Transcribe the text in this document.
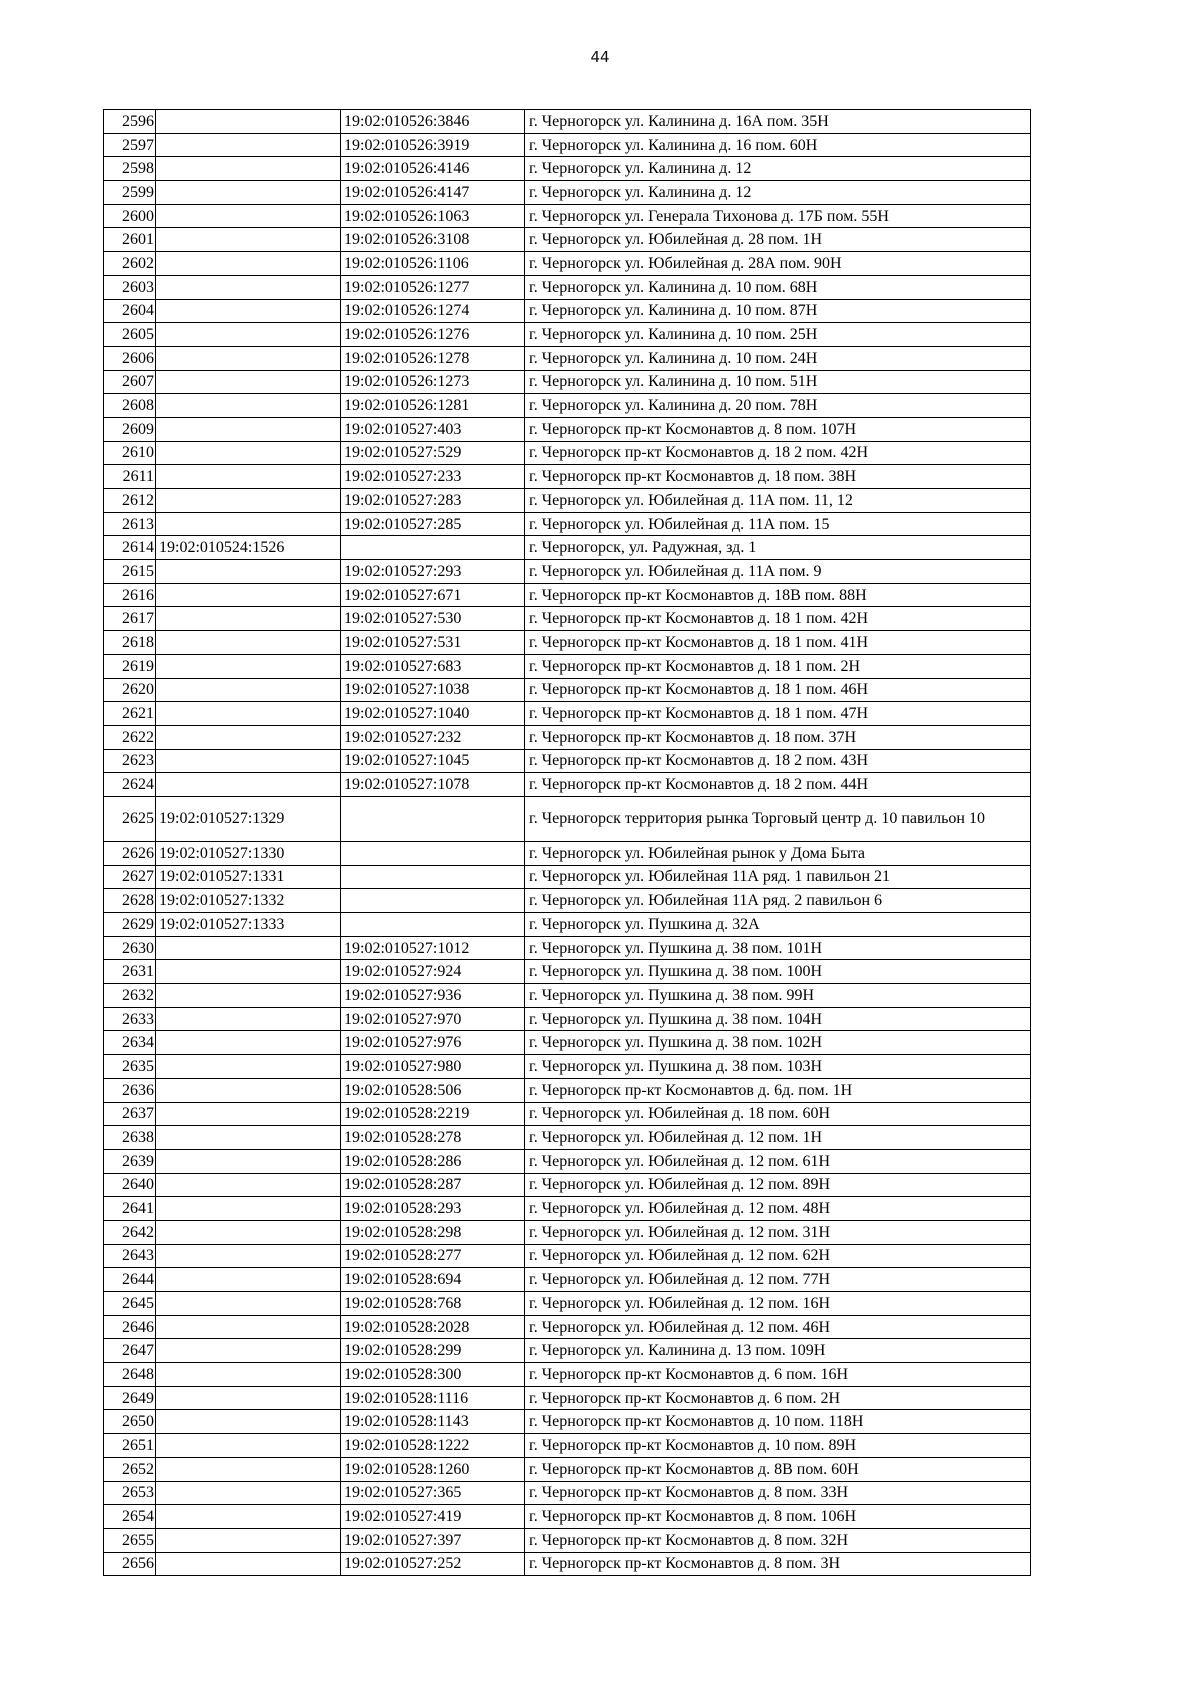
44
2596		19:02:010526:3846	г. Черногорск ул. Калинина д. 16А пом. 35Н
2597		19:02:010526:3919	г. Черногорск ул. Калинина д. 16 пом. 60Н
2598		19:02:010526:4146	г. Черногорск ул. Калинина д. 12
2599		19:02:010526:4147	г. Черногорск ул. Калинина д. 12
2600		19:02:010526:1063	г. Черногорск ул. Генерала Тихонова д. 17Б пом. 55Н
2601		19:02:010526:3108	г. Черногорск ул. Юбилейная д. 28 пом. 1Н
2602		19:02:010526:1106	г. Черногорск ул. Юбилейная д. 28А пом. 90Н
2603		19:02:010526:1277	г. Черногорск ул. Калинина д. 10 пом. 68Н
2604		19:02:010526:1274	г. Черногорск ул. Калинина д. 10 пом. 87Н
2605		19:02:010526:1276	г. Черногорск ул. Калинина д. 10 пом. 25Н
2606		19:02:010526:1278	г. Черногорск ул. Калинина д. 10 пом. 24Н
2607		19:02:010526:1273	г. Черногорск ул. Калинина д. 10 пом. 51Н
2608		19:02:010526:1281	г. Черногорск ул. Калинина д. 20 пом. 78Н
2609		19:02:010527:403	г. Черногорск пр-кт Космонавтов д. 8 пом. 107Н
2610		19:02:010527:529	г. Черногорск пр-кт Космонавтов д. 18 2 пом. 42Н
2611		19:02:010527:233	г. Черногорск пр-кт Космонавтов д. 18 пом. 38Н
2612		19:02:010527:283	г. Черногорск ул. Юбилейная д. 11А пом. 11, 12
2613		19:02:010527:285	г. Черногорск ул. Юбилейная д. 11А пом. 15
2614	19:02:010524:1526		г. Черногорск, ул. Радужная, зд. 1
2615		19:02:010527:293	г. Черногорск ул. Юбилейная д. 11А пом. 9
2616		19:02:010527:671	г. Черногорск пр-кт Космонавтов д. 18В пом. 88Н
2617		19:02:010527:530	г. Черногорск пр-кт Космонавтов д. 18 1 пом. 42Н
2618		19:02:010527:531	г. Черногорск пр-кт Космонавтов д. 18 1 пом. 41Н
2619		19:02:010527:683	г. Черногорск пр-кт Космонавтов д. 18 1 пом. 2Н
2620		19:02:010527:1038	г. Черногорск пр-кт Космонавтов д. 18 1 пом. 46Н
2621		19:02:010527:1040	г. Черногорск пр-кт Космонавтов д. 18 1 пом. 47Н
2622		19:02:010527:232	г. Черногорск пр-кт Космонавтов д. 18 пом. 37Н
2623		19:02:010527:1045	г. Черногорск пр-кт Космонавтов д. 18 2 пом. 43Н
2624		19:02:010527:1078	г. Черногорск пр-кт Космонавтов д. 18 2 пом. 44Н
2625	19:02:010527:1329		г. Черногорск территория рынка Торговый центр д. 10 павильон 10
2626	19:02:010527:1330		г. Черногорск ул. Юбилейная рынок у Дома Быта
2627	19:02:010527:1331		г. Черногорск ул. Юбилейная 11А ряд. 1 павильон 21
2628	19:02:010527:1332		г. Черногорск ул. Юбилейная 11А ряд. 2 павильон 6
2629	19:02:010527:1333		г. Черногорск ул. Пушкина д. 32А
2630		19:02:010527:1012	г. Черногорск ул. Пушкина д. 38 пом. 101Н
2631		19:02:010527:924	г. Черногорск ул. Пушкина д. 38 пом. 100Н
2632		19:02:010527:936	г. Черногорск ул. Пушкина д. 38 пом. 99Н
2633		19:02:010527:970	г. Черногорск ул. Пушкина д. 38 пом. 104Н
2634		19:02:010527:976	г. Черногорск ул. Пушкина д. 38 пом. 102Н
2635		19:02:010527:980	г. Черногорск ул. Пушкина д. 38 пом. 103Н
2636		19:02:010528:506	г. Черногорск пр-кт Космонавтов д. 6д. пом. 1Н
2637		19:02:010528:2219	г. Черногорск ул. Юбилейная д. 18 пом. 60Н
2638		19:02:010528:278	г. Черногорск ул. Юбилейная д. 12 пом. 1Н
2639		19:02:010528:286	г. Черногорск ул. Юбилейная д. 12 пом. 61Н
2640		19:02:010528:287	г. Черногорск ул. Юбилейная д. 12 пом. 89Н
2641		19:02:010528:293	г. Черногорск ул. Юбилейная д. 12 пом. 48Н
2642		19:02:010528:298	г. Черногорск ул. Юбилейная д. 12 пом. 31Н
2643		19:02:010528:277	г. Черногорск ул. Юбилейная д. 12 пом. 62Н
2644		19:02:010528:694	г. Черногорск ул. Юбилейная д. 12 пом. 77Н
2645		19:02:010528:768	г. Черногорск ул. Юбилейная д. 12 пом. 16Н
2646		19:02:010528:2028	г. Черногорск ул. Юбилейная д. 12 пом. 46Н
2647		19:02:010528:299	г. Черногорск ул. Калинина д. 13 пом. 109Н
2648		19:02:010528:300	г. Черногорск пр-кт Космонавтов д. 6 пом. 16Н
2649		19:02:010528:1116	г. Черногорск пр-кт Космонавтов д. 6 пом. 2Н
2650		19:02:010528:1143	г. Черногорск пр-кт Космонавтов д. 10 пом. 118Н
2651		19:02:010528:1222	г. Черногорск пр-кт Космонавтов д. 10 пом. 89Н
2652		19:02:010528:1260	г. Черногорск пр-кт Космонавтов д. 8В пом. 60Н
2653		19:02:010527:365	г. Черногорск пр-кт Космонавтов д. 8 пом. 33Н
2654		19:02:010527:419	г. Черногорск пр-кт Космонавтов д. 8 пом. 106Н
2655		19:02:010527:397	г. Черногорск пр-кт Космонавтов д. 8 пом. 32Н
2656		19:02:010527:252	г. Черногорск пр-кт Космонавтов д. 8 пом. 3Н
